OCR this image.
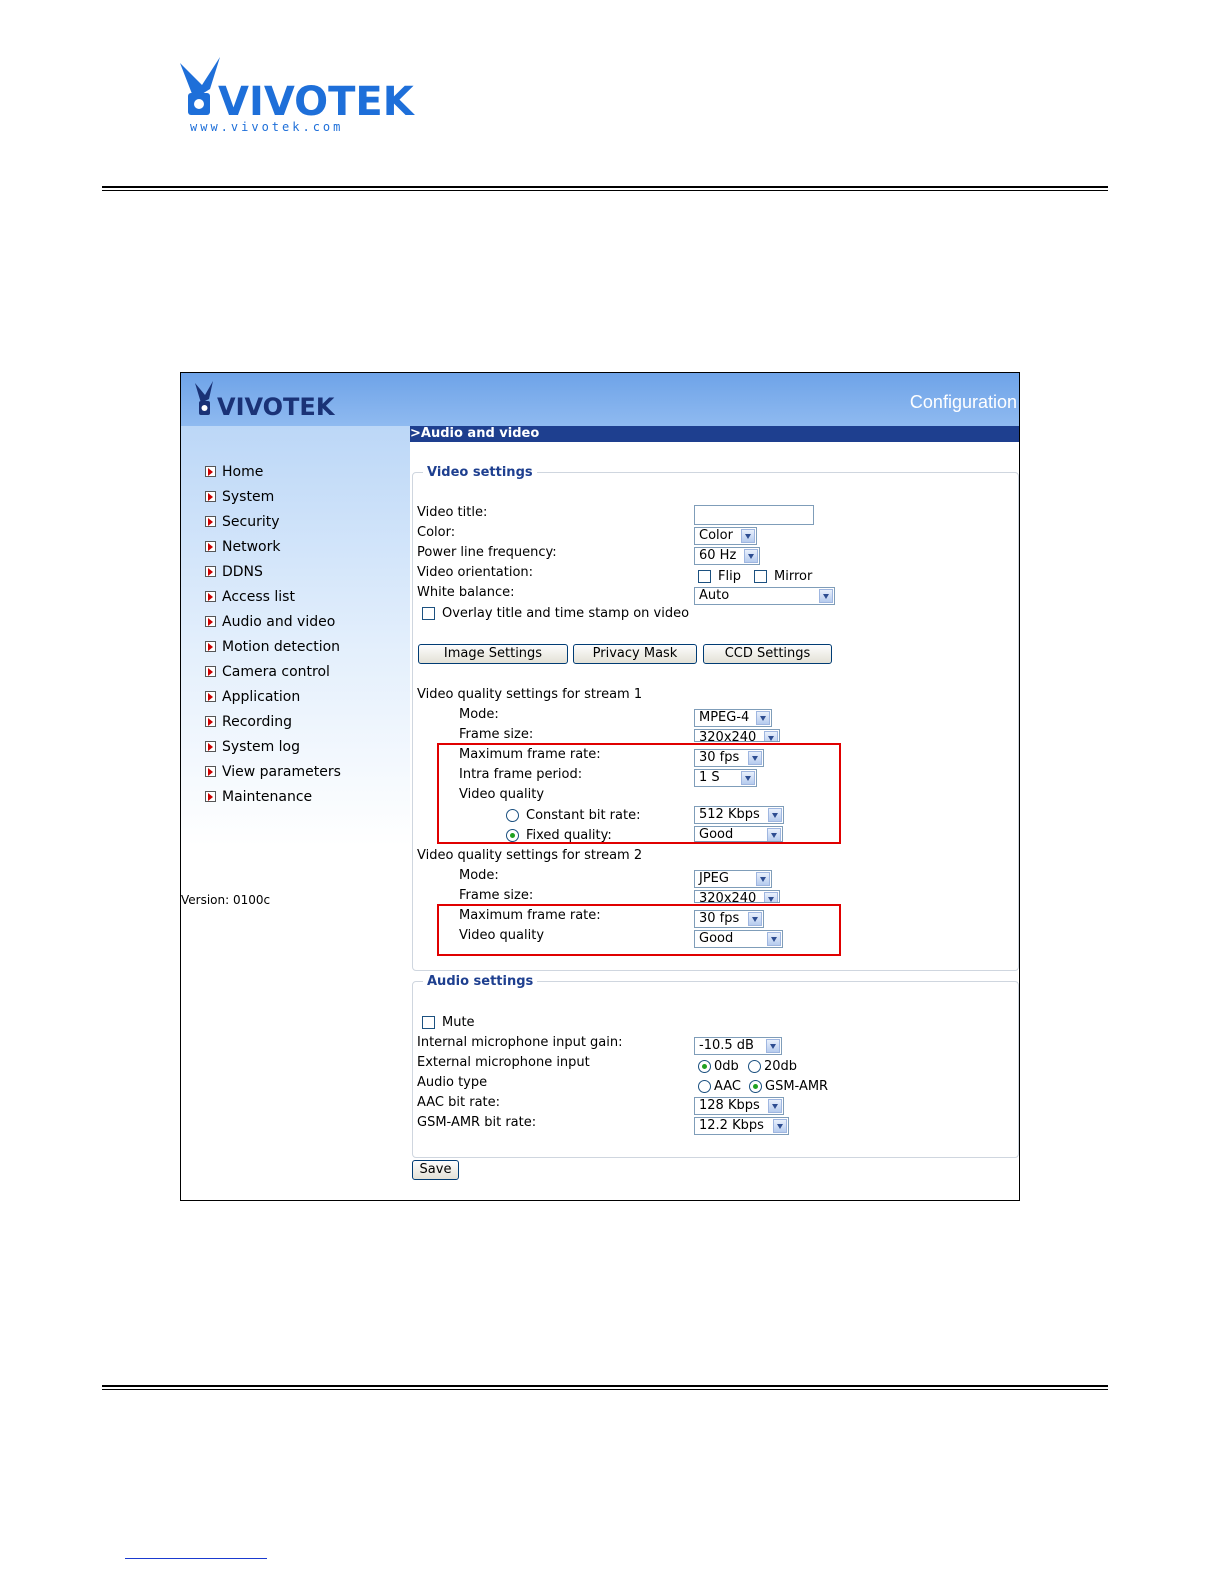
VIVOTEK
www.vivotek.com
VIVOTEK	Configuration
Home
System
Security
Network
DDNS
Access list
Audio and video
Motion detection
Camera control
Application
Recording
System log
View parameters
Maintenance
Version: 0100c
>Audio and video
Video settings
Video title:
Color:	Color
Power line frequency:	60 Hz
Video orientation:	Flip	Mirror
White balance:	Auto
Overlay title and time stamp on video
Image Settings	Privacy Mask	CCD Settings
Video quality settings for stream 1
Mode:	MPEG-4
Frame size:	320x240
Maximum frame rate:	30 fps
Intra frame period:	1 S
Video quality
Constant bit rate:	512 Kbps
Fixed quality:	Good
Video quality settings for stream 2
Mode:	JPEG
Frame size:	320x240
Maximum frame rate:	30 fps
Video quality	Good
Audio settings
Mute
Internal microphone input gain:	-10.5 dB
External microphone input	0db 20db
Audio type	AAC GSM-AMR
AAC bit rate:	128 Kbps
GSM-AMR bit rate:	12.2 Kbps
Save
